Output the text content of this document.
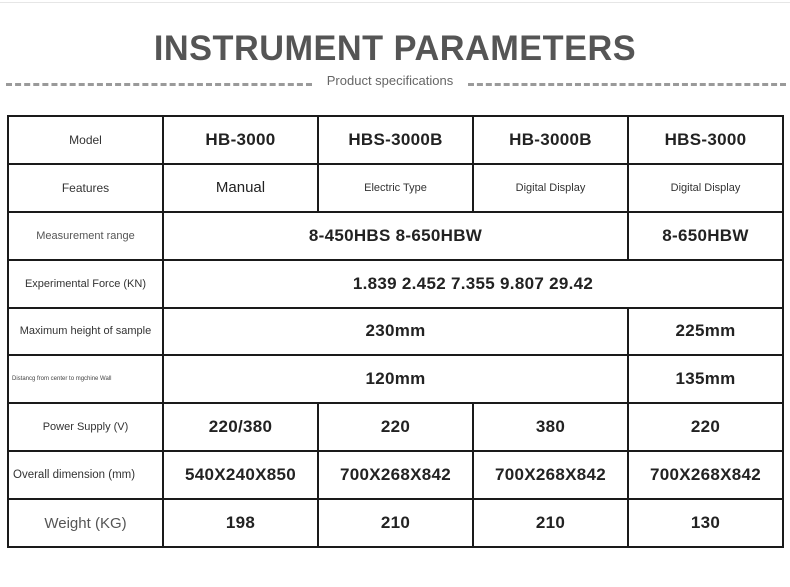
INSTRUMENT PARAMETERS
Product specifications
Model	HB-3000	HBS-3000B	HB-3000B	HBS-3000
Features	Manual	Electric Type	Digital Display	Digital Display
Measurement range	8-450HBS 8-650HBW			8-650HBW
Experimental Force (KN)	1.839 2.452 7.355 9.807 29.42			
Maximum height of sample	230mm			225mm
Distancg from center to mgchine Wall	120mm			135mm
Power Supply (V)	220/380	220	380	220
Overall dimension (mm)	540X240X850	700X268X842	700X268X842	700X268X842
Weight (KG)	198	210	210	130
